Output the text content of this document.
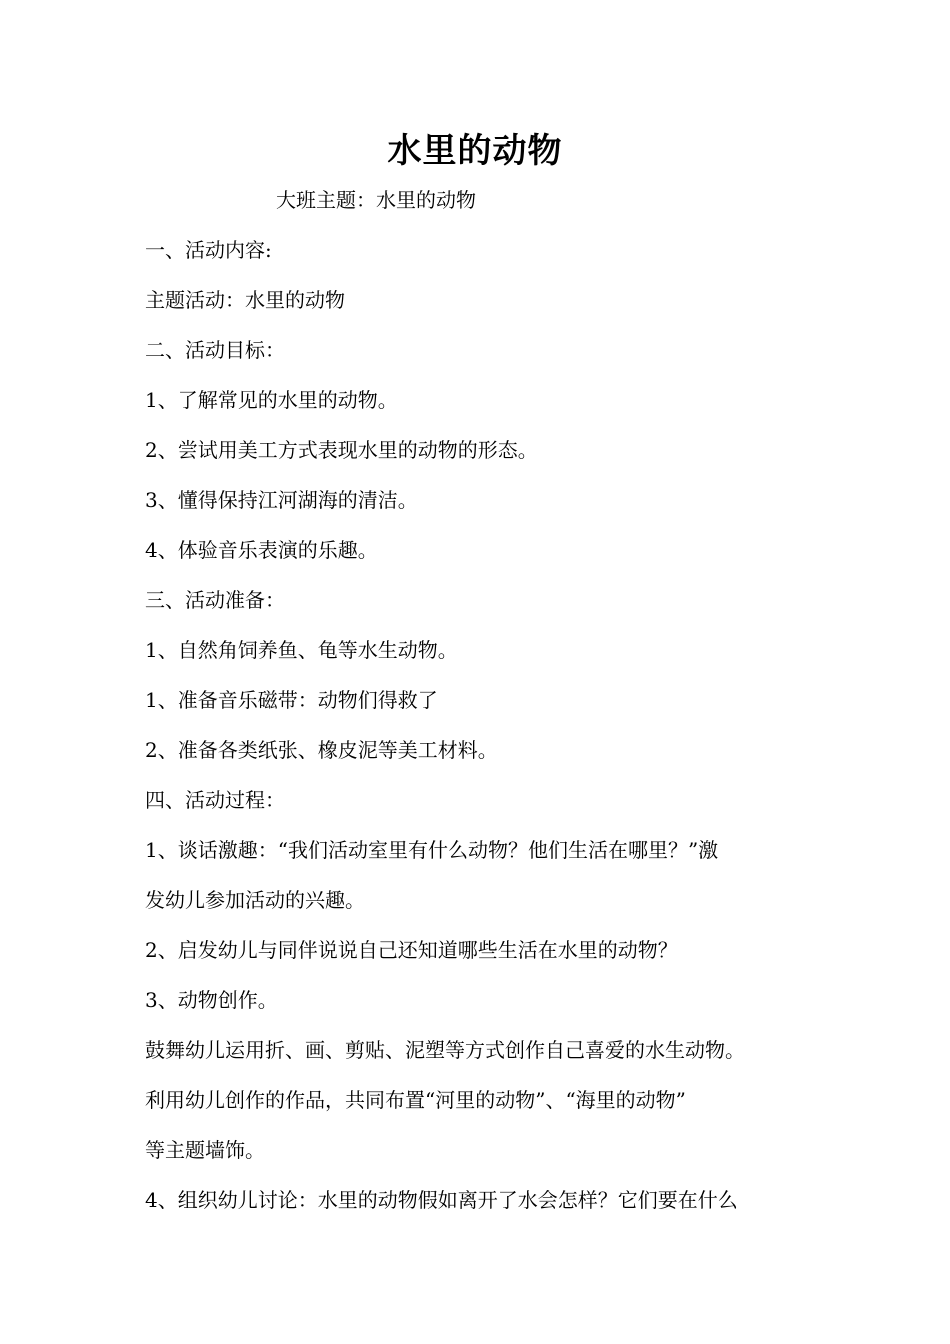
水里的动物
大班主题：水里的动物
一、活动内容:
主题活动：水里的动物
二、活动目标：
1、了解常见的水里的动物。
2、尝试用美工方式表现水里的动物的形态。
3、懂得保持江河湖海的清洁。
4、体验音乐表演的乐趣。
三、活动准备：
1、自然角饲养鱼、龟等水生动物。
1、准备音乐磁带：动物们得救了
2、准备各类纸张、橡皮泥等美工材料。
四、活动过程：
1、谈话激趣：“我们活动室里有什么动物？他们生活在哪里？”激
发幼儿参加活动的兴趣。
2、启发幼儿与同伴说说自己还知道哪些生活在水里的动物？
3、动物创作。
鼓舞幼儿运用折、画、剪贴、泥塑等方式创作自己喜爱的水生动物。
利用幼儿创作的作品，共同布置“河里的动物”、“海里的动物”
等主题墙饰。
4、组织幼儿讨论：水里的动物假如离开了水会怎样？它们要在什么
